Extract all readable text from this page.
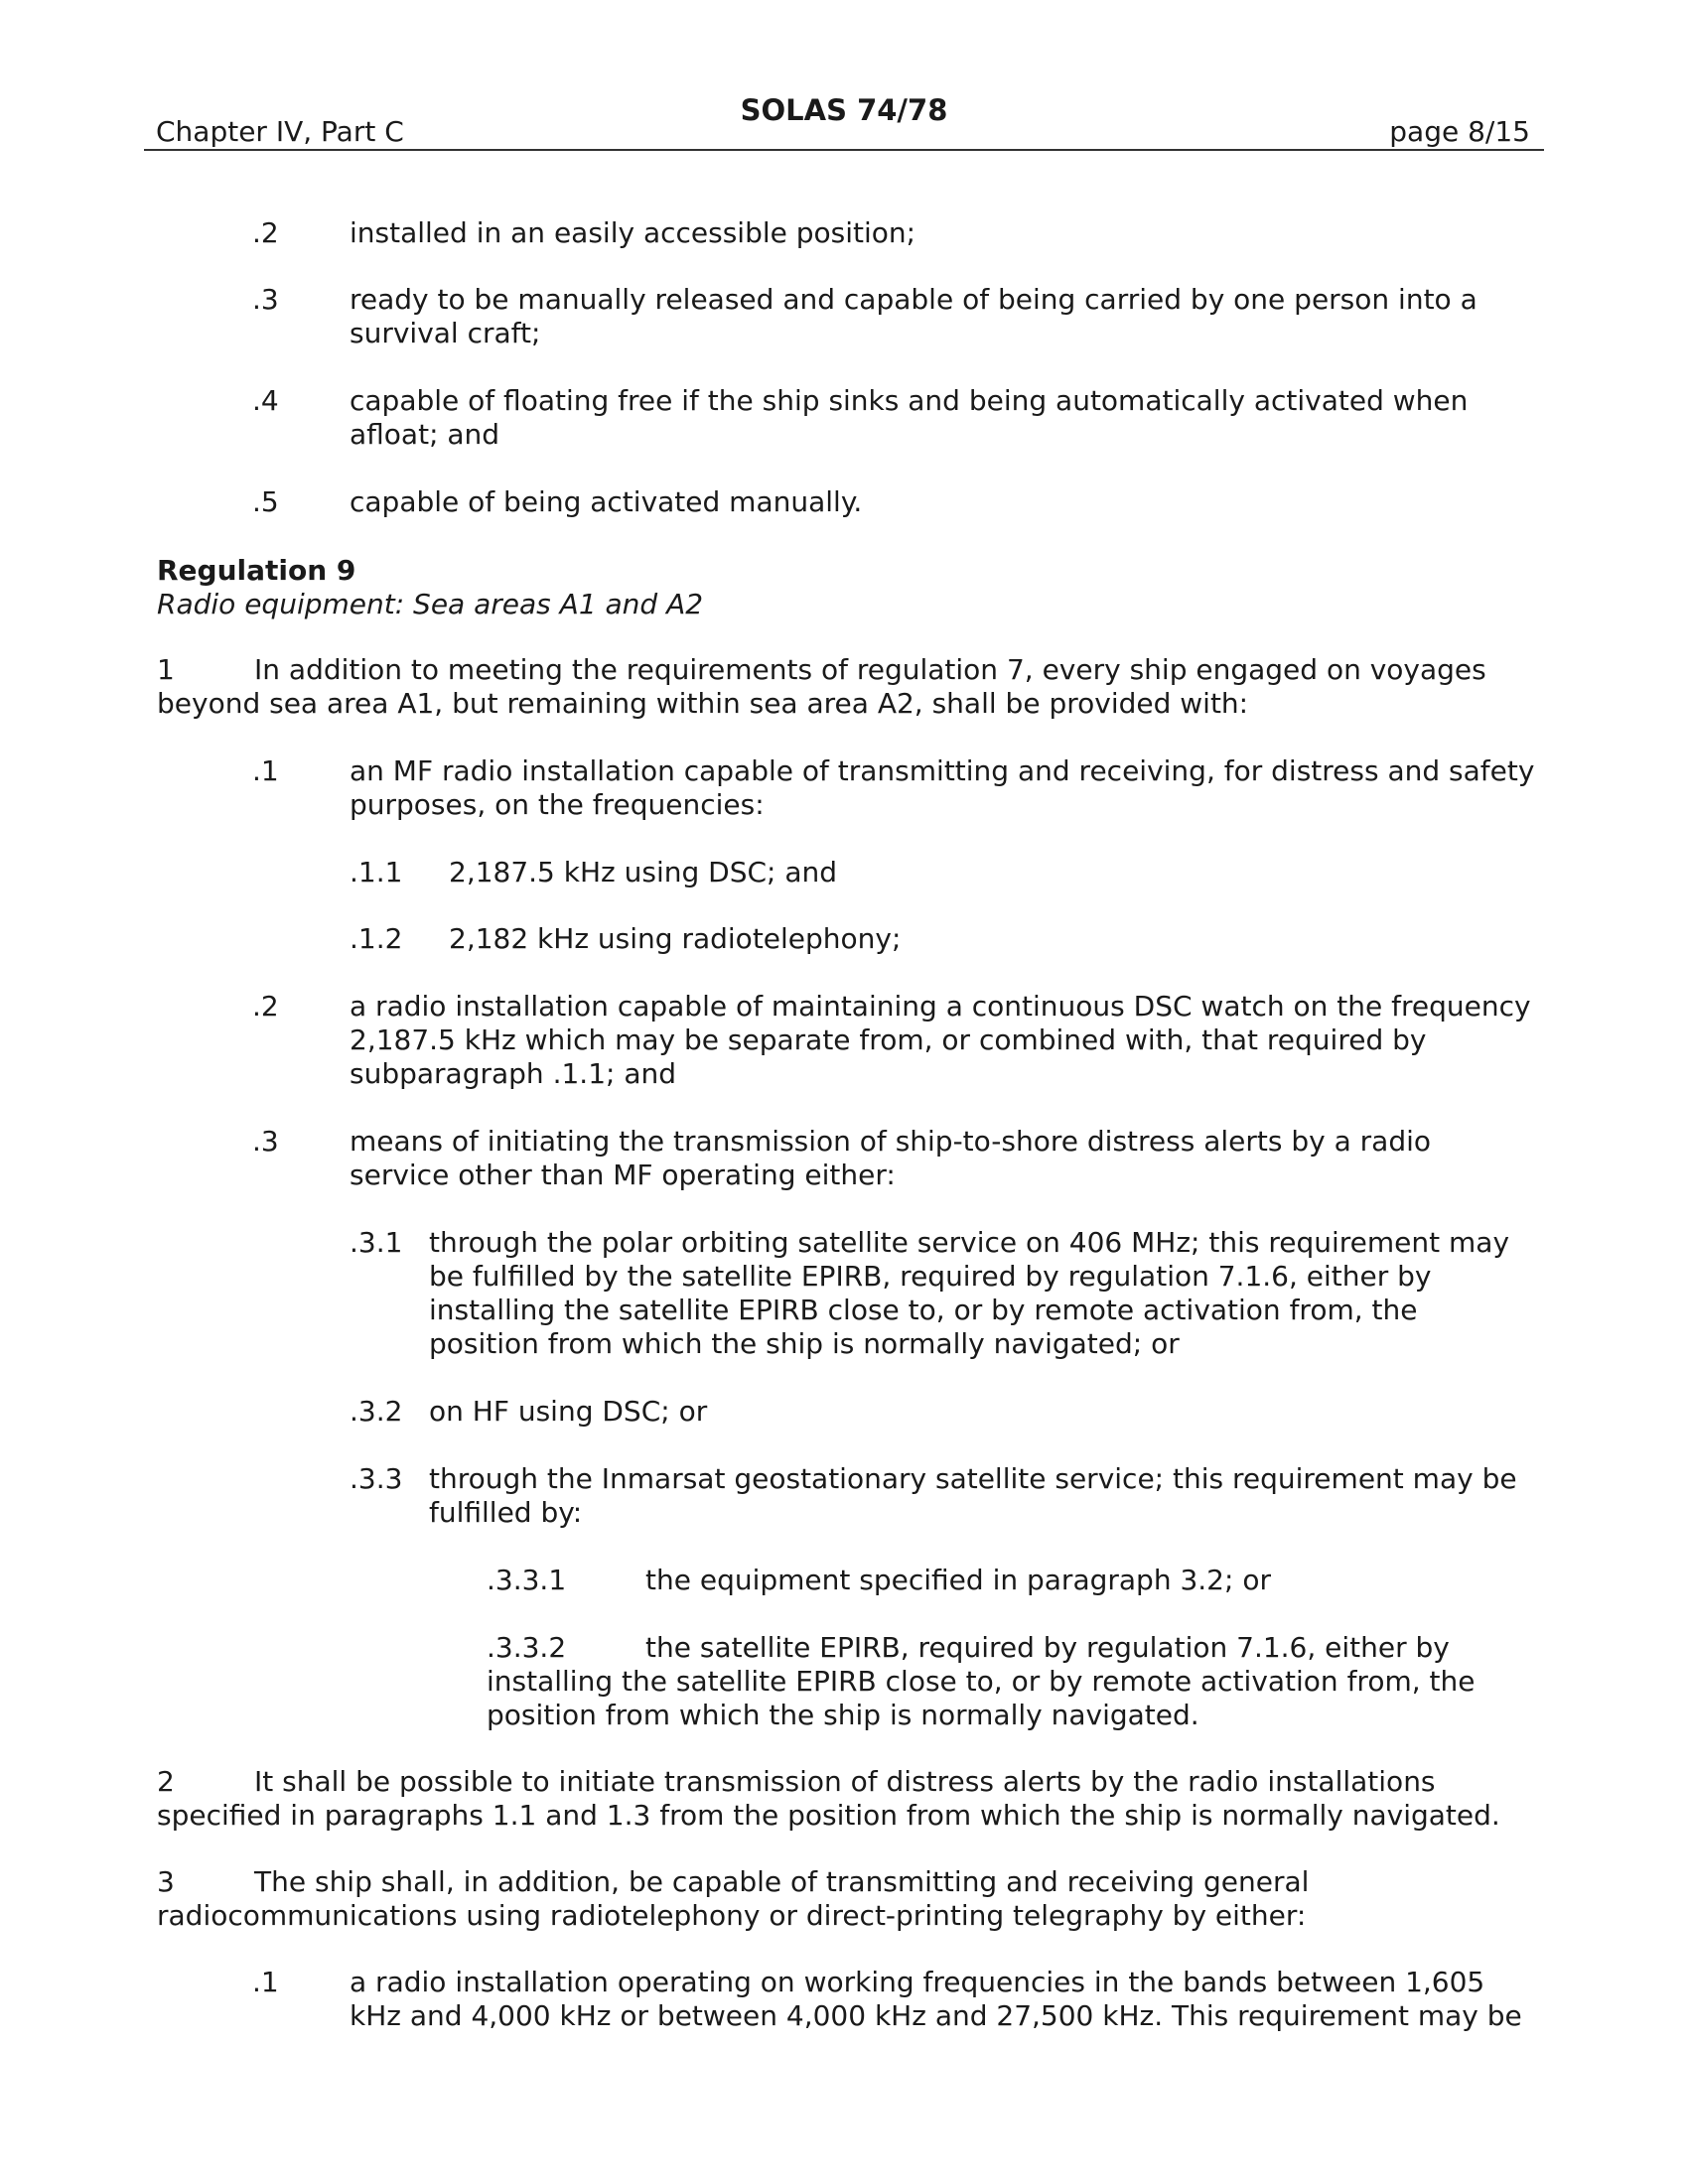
Chapter IV, Part C
SOLAS 74/78
page 8/15
.2	installed in an easily accessible position;
.3	ready to be manually released and capable of being carried by one person into a
survival craft;
.4	capable of floating free if the ship sinks and being automatically activated when
afloat; and
.5	capable of being activated manually.
Regulation 9
Radio equipment: Sea areas A1 and A2
1	In addition to meeting the requirements of regulation 7, every ship engaged on voyages
beyond sea area A1, but remaining within sea area A2, shall be provided with:
.1	an MF radio installation capable of transmitting and receiving, for distress and safety
purposes, on the frequencies:
.1.1 2,187.5 kHz using DSC; and
.1.2 2,182 kHz using radiotelephony;
.2	a radio installation capable of maintaining a continuous DSC watch on the frequency
2,187.5 kHz which may be separate from, or combined with, that required by
subparagraph .1.1; and
.3	means of initiating the transmission of ship-to-shore distress alerts by a radio
service other than MF operating either:
.3.1 through the polar orbiting satellite service on 406 MHz; this requirement may
be fulfilled by the satellite EPIRB, required by regulation 7.1.6, either by
installing the satellite EPIRB close to, or by remote activation from, the
position from which the ship is normally navigated; or
.3.2 on HF using DSC; or
.3.3 through the Inmarsat geostationary satellite service; this requirement may be
fulfilled by:
.3.3.1	the equipment specified in paragraph 3.2; or
.3.3.2	the satellite EPIRB, required by regulation 7.1.6, either by
installing the satellite EPIRB close to, or by remote activation from, the
position from which the ship is normally navigated.
2	It shall be possible to initiate transmission of distress alerts by the radio installations
specified in paragraphs 1.1 and 1.3 from the position from which the ship is normally navigated.
3	The ship shall, in addition, be capable of transmitting and receiving general
radiocommunications using radiotelephony or direct-printing telegraphy by either:
.1	a radio installation operating on working frequencies in the bands between 1,605
kHz and 4,000 kHz or between 4,000 kHz and 27,500 kHz. This requirement may be
